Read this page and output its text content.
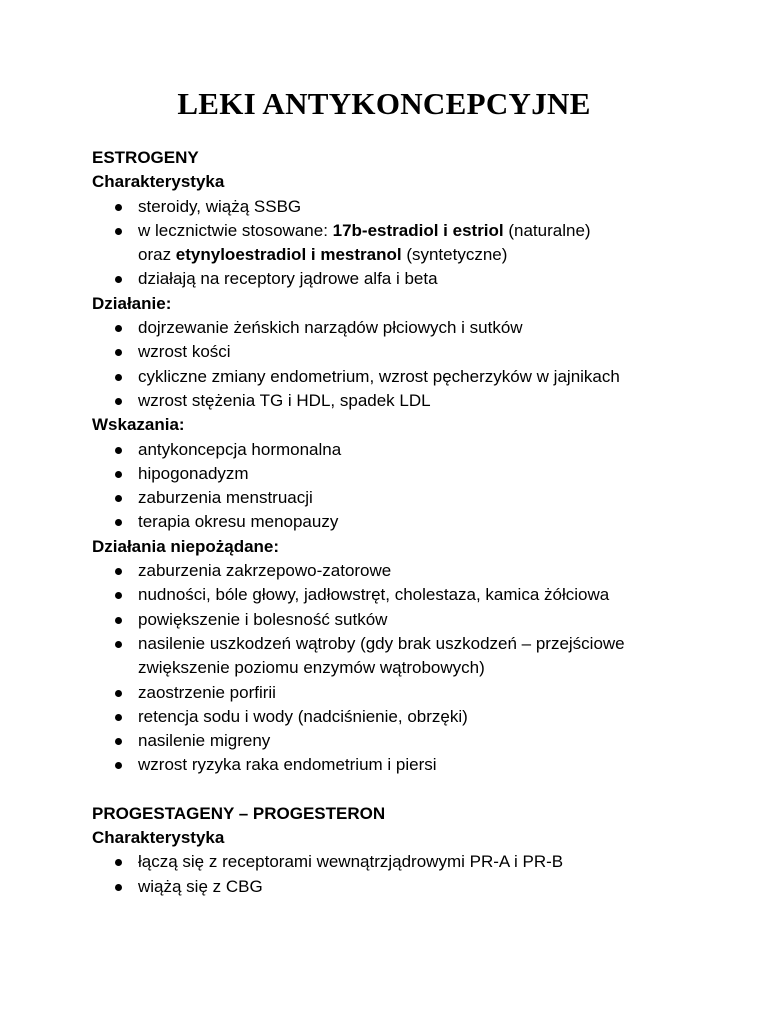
LEKI ANTYKONCEPCYJNE

ESTROGENY

Charakterystyka

steroidy, wiążą SSBG
w lecznictwie stosowane: 17b-estradiol i estriol (naturalne)
oraz etynyloestradiol i mestranol (syntetyczne)
działają na receptory jądrowe alfa i beta

Działanie:

dojrzewanie żeńskich narządów płciowych i sutków
wzrost kości
cykliczne zmiany endometrium, wzrost pęcherzyków w jajnikach
wzrost stężenia TG i HDL, spadek LDL

Wskazania:

antykoncepcja hormonalna
hipogonadyzm
zaburzenia menstruacji
terapia okresu menopauzy

Działania niepożądane:

zaburzenia zakrzepowo-zatorowe
nudności, bóle głowy, jadłowstręt, cholestaza, kamica żółciowa
powiększenie i bolesność sutków
nasilenie uszkodzeń wątroby (gdy brak uszkodzeń – przejściowe zwiększenie poziomu enzymów wątrobowych)
zaostrzenie porfirii
retencja sodu i wody (nadciśnienie, obrzęki)
nasilenie migreny
wzrost ryzyka raka endometrium i piersi

PROGESTAGENY – PROGESTERON

Charakterystyka

łączą się z receptorami wewnątrzjądrowymi PR-A i PR-B
wiążą się z CBG
